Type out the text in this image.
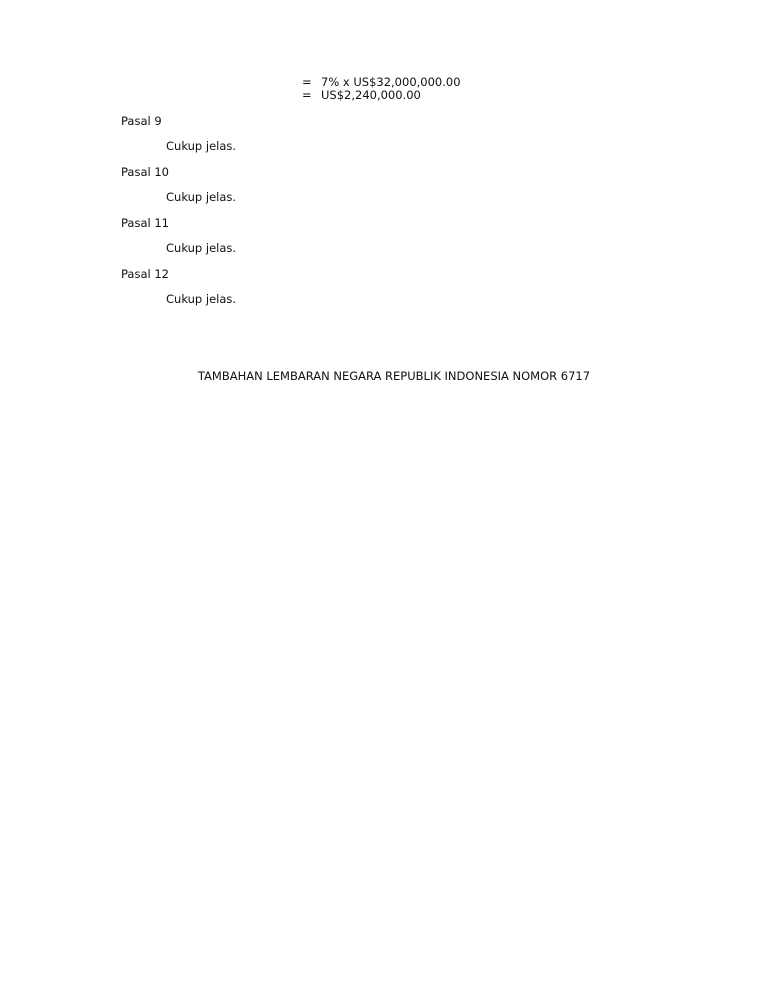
= 7% x US$32,000,000.00
= US$2,240,000.00
Pasal 9
Cukup jelas.
Pasal 10
Cukup jelas.
Pasal 11
Cukup jelas.
Pasal 12
Cukup jelas.
TAMBAHAN LEMBARAN NEGARA REPUBLIK INDONESIA NOMOR 6717
